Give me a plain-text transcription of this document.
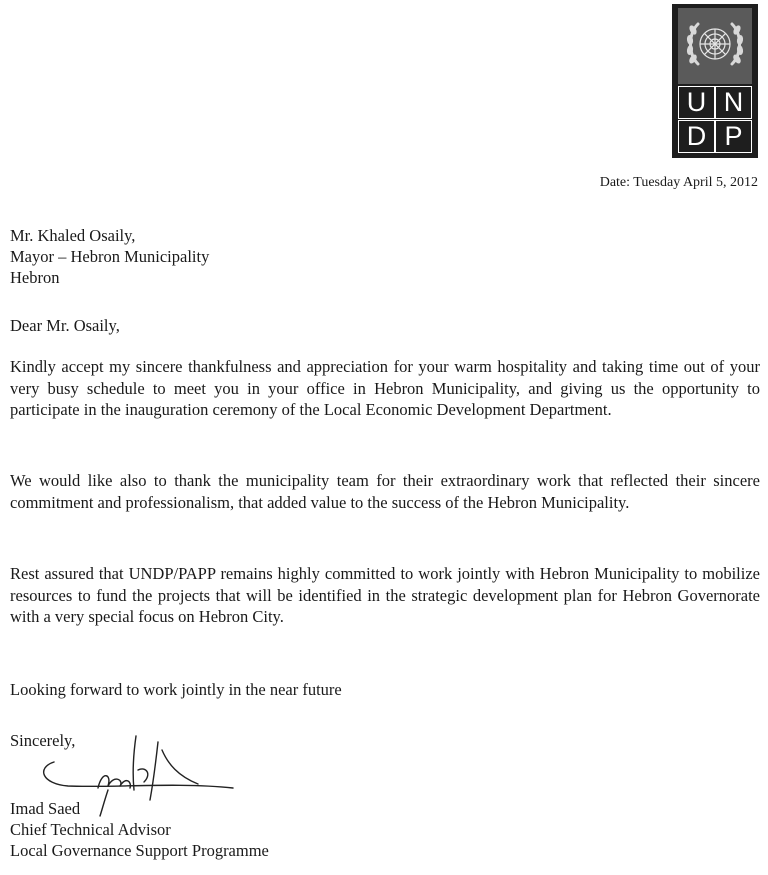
U N
D P
Date: Tuesday April 5, 2012
Mr. Khaled Osaily,
Mayor – Hebron Municipality
Hebron
Dear Mr. Osaily,
Kindly accept my sincere thankfulness and appreciation for your warm hospitality and taking time out of your very busy schedule to meet you in your office in Hebron Municipality, and giving us the opportunity to participate in the inauguration ceremony of the Local Economic Development Department.
We would like also to thank the municipality team for their extraordinary work that reflected their sincere commitment and professionalism, that added value to the success of the Hebron Municipality.
Rest assured that UNDP/PAPP remains highly committed to work jointly with Hebron Municipality to mobilize resources to fund the projects that will be identified in the strategic development plan for Hebron Governorate with a very special focus on Hebron City.
Looking forward to work jointly in the near future
Sincerely,
Imad Saed
Chief Technical Advisor
Local Governance Support Programme
